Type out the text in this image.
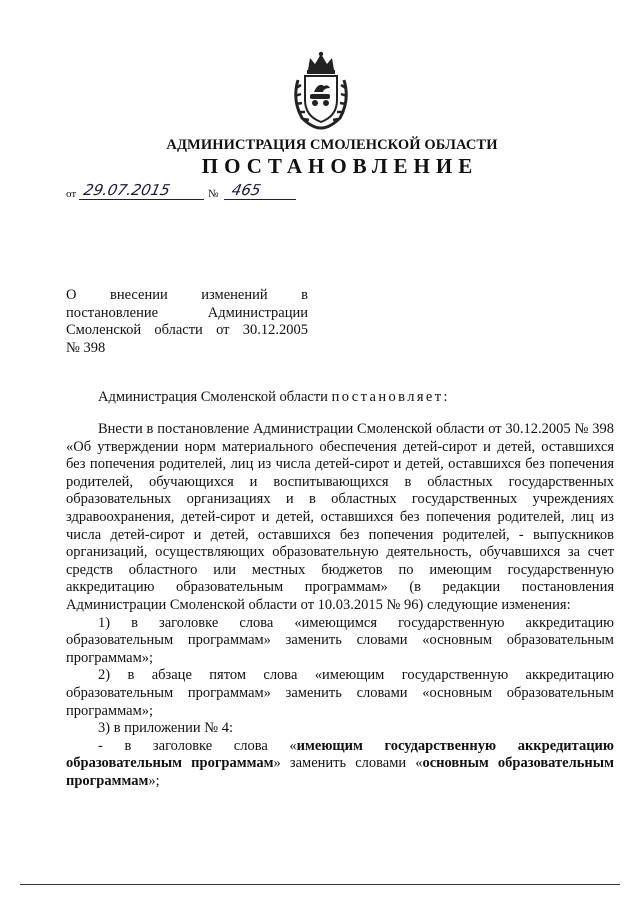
АДМИНИСТРАЦИЯ СМОЛЕНСКОЙ ОБЛАСТИ
ПОСТАНОВЛЕНИЕ
от 29.07.2015	№ 465
О внесении изменений в
постановление Администрации
Смоленской области от 30.12.2005
№ 398
Администрация Смоленской области постановляет:

Внести в постановление Администрации Смоленской области от 30.12.2005 № 398 «Об утверждении норм материального обеспечения детей-сирот и детей, оставшихся без попечения родителей, лиц из числа детей-сирот и детей, оставшихся без попечения родителей, обучающихся и воспитывающихся в областных государственных образовательных организациях и в областных государственных учреждениях здравоохранения, детей-сирот и детей, оставшихся без попечения родителей, лиц из числа детей-сирот и детей, оставшихся без попечения родителей, - выпускников организаций, осуществляющих образовательную деятельность, обучавшихся за счет средств областного или местных бюджетов по имеющим государственную аккредитацию образовательным программам» (в редакции постановления Администрации Смоленской области от 10.03.2015 № 96) следующие изменения:

1) в заголовке слова «имеющимся государственную аккредитацию образовательным программам» заменить словами «основным образовательным программам»;

2) в абзаце пятом слова «имеющим государственную аккредитацию образовательным программам» заменить словами «основным образовательным программам»;

3) в приложении № 4:

- в заголовке слова «имеющим государственную аккредитацию образовательным программам» заменить словами «основным образовательным программам»;
